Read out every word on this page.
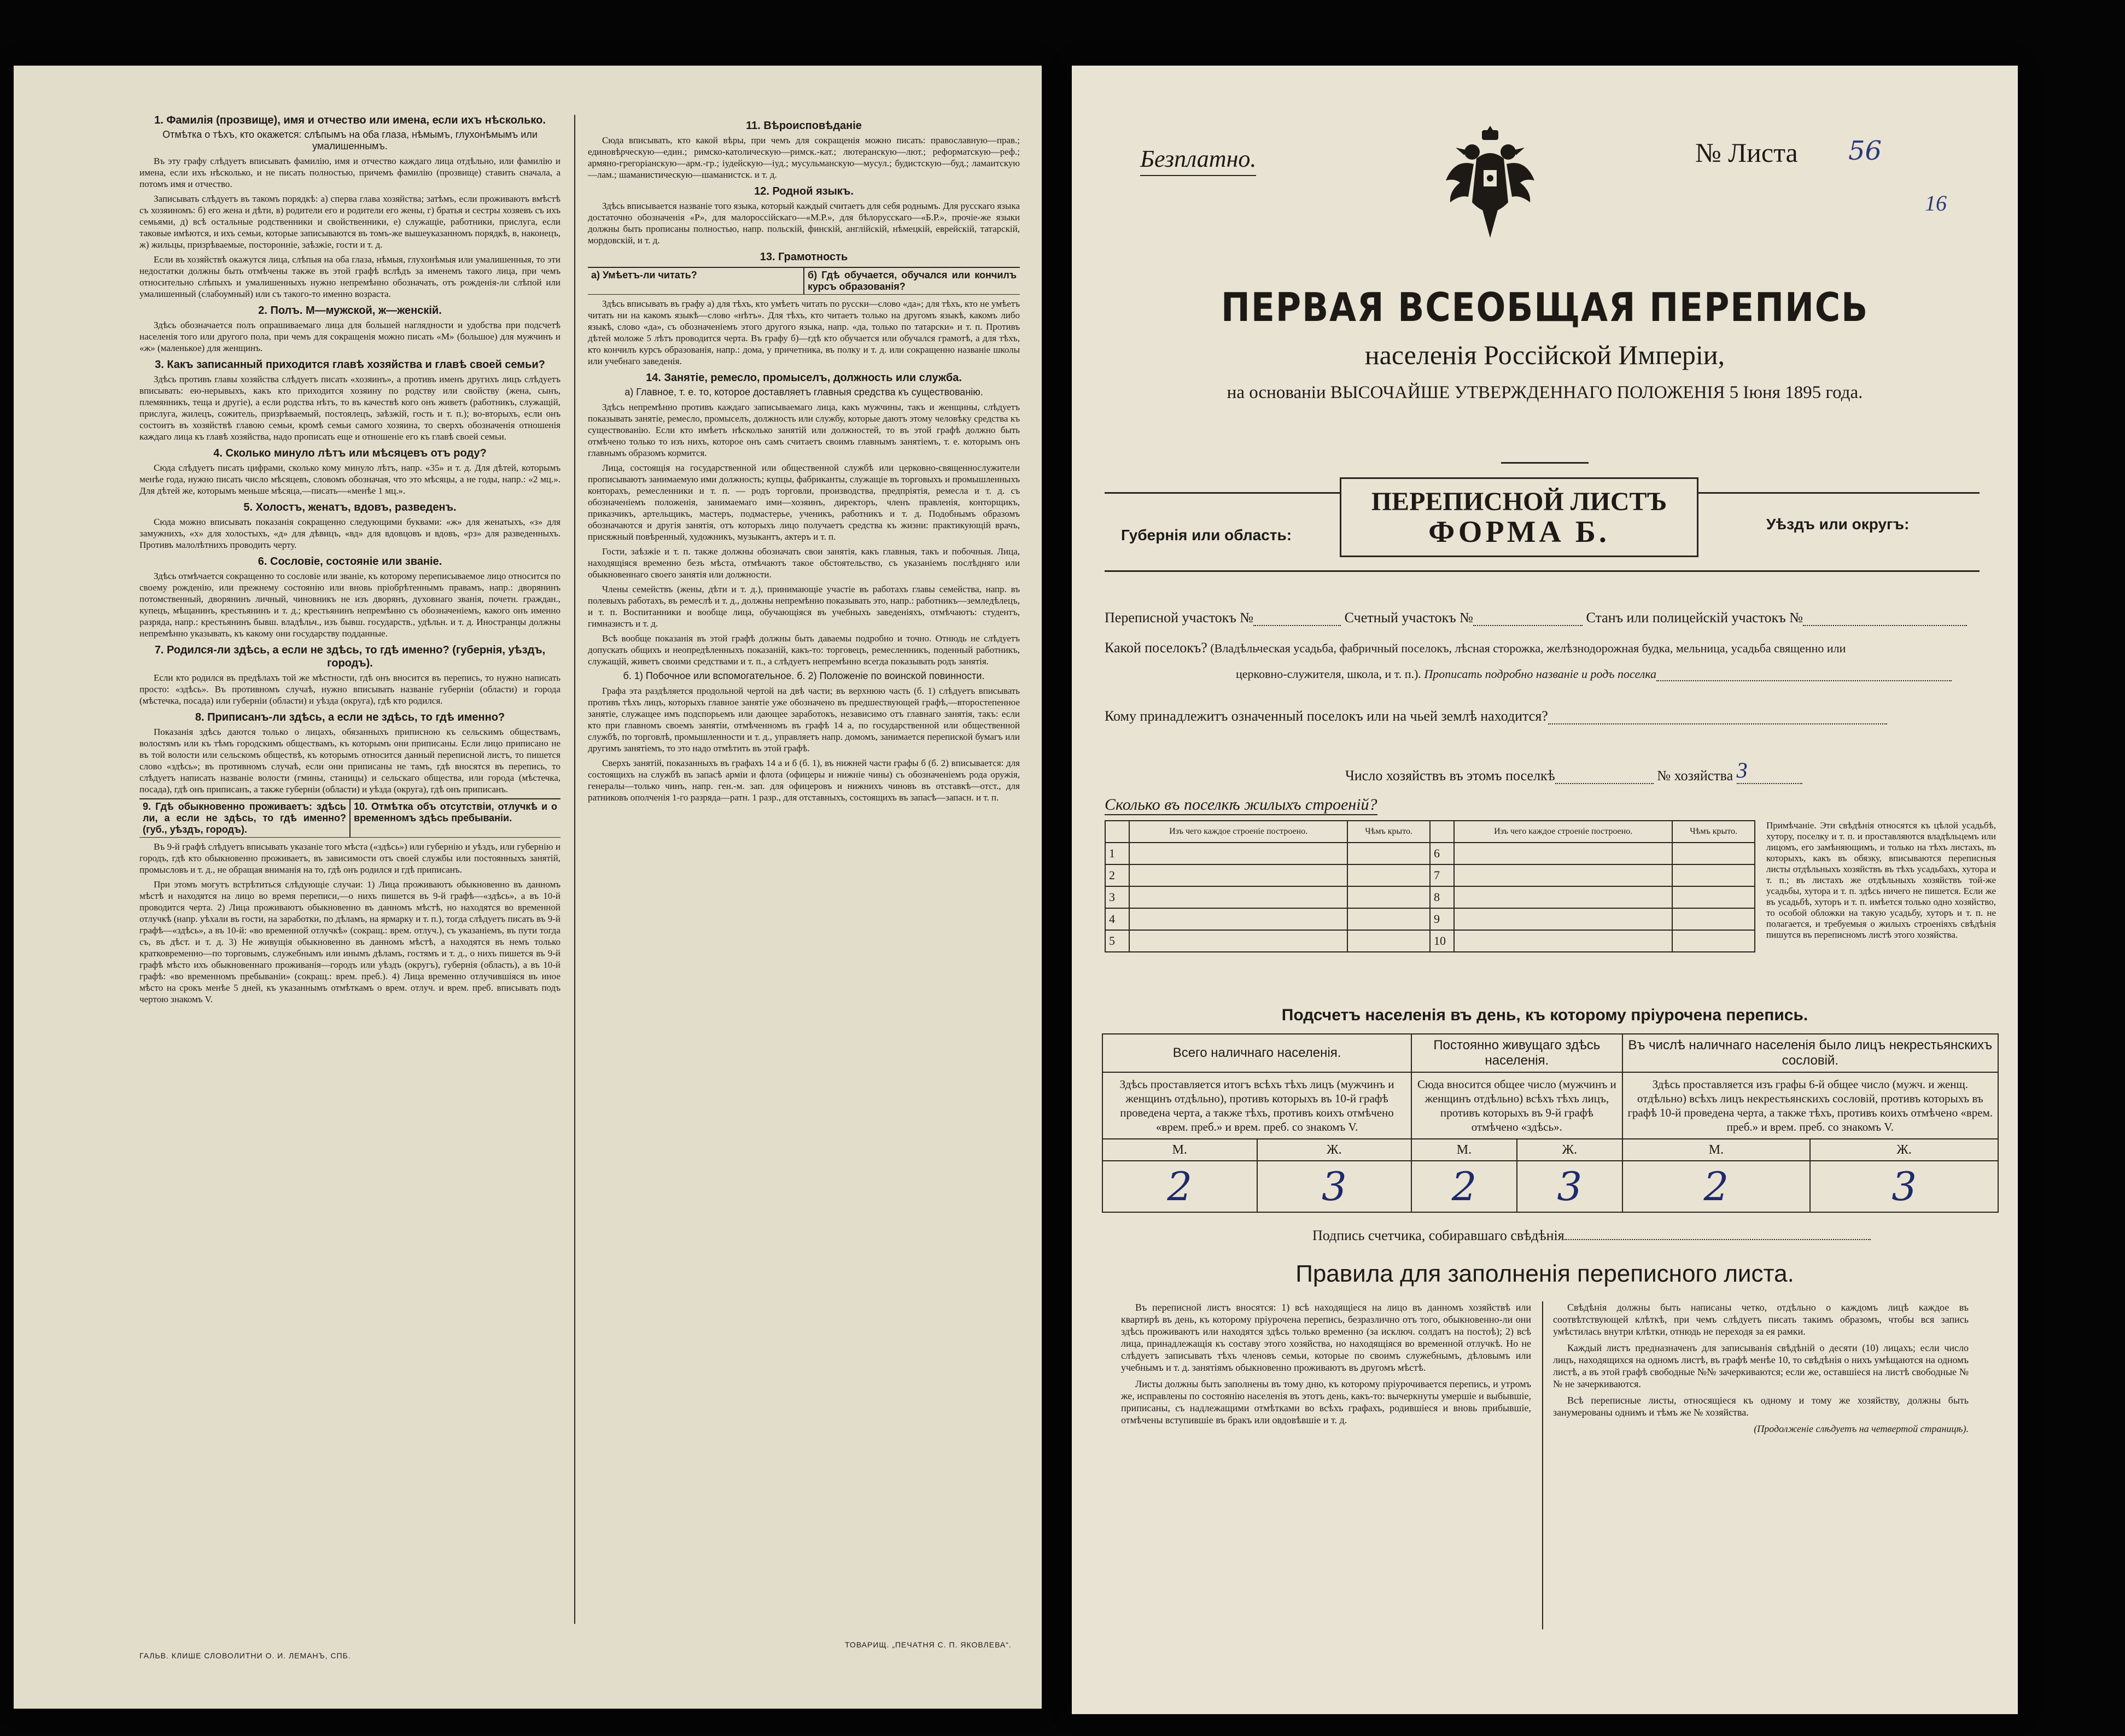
1. Фамилія (прозвище), имя и отчество или имена, если ихъ нѣсколько.
Отмѣтка о тѣхъ, кто окажется: слѣпымъ на оба глаза, нѣмымъ, глухонѣмымъ или умалишеннымъ.

Въ эту графу слѣдуетъ вписывать фамилію, имя и отчество каждаго лица отдѣльно, или фамилію и имена, если ихъ нѣсколько, и не писать полностью, причемъ фамилію (прозвище) ставить сначала, а потомъ имя и отчество.

Записывать слѣдуетъ въ такомъ порядкѣ: а) сперва глава хозяйства; затѣмъ, если проживаютъ вмѣстѣ съ хозяиномъ: б) его жена и дѣти, в) родители его и родители его жены, г) братья и сестры хозяевъ съ ихъ семьями, д) всѣ остальные родственники и свойственники, е) служащіе, работники, прислуга, если таковые имѣются, и ихъ семьи, которые записываются въ томъ-же вышеуказанномъ порядкѣ, в, наконецъ, ж) жильцы, призрѣваемые, посторонніе, заѣзжіе, гости и т. д.

Если въ хозяйствѣ окажутся лица, слѣпыя на оба глаза, нѣмыя, глухонѣмыя или умалишенныя, то эти недостатки должны быть отмѣчены также въ этой графѣ вслѣдъ за именемъ такого лица, при чемъ относительно слѣпыхъ и умалишенныхъ нужно непремѣнно обозначать, отъ рожденія-ли слѣпой или умалишенный (слабоумный) или съ такого-то именно возраста.

2. Полъ. М—мужской, ж—женскій.

Здѣсь обозначается полъ опрашиваемаго лица для большей наглядности и удобства при подсчетѣ населенія того или другого пола, при чемъ для сокращенія можно писать «М» (большое) для мужчинъ и «ж» (маленькое) для женщинъ.

3. Какъ записанный приходится главѣ хозяйства и главѣ своей семьи?

Здѣсь противъ главы хозяйства слѣдуетъ писать «хозяинъ», а противъ именъ другихъ лицъ слѣдуетъ вписывать: ею-нерывыхъ, какъ кто приходится хозяину по родству или свойству (жена, сынъ, племянникъ, теща и другіе), а если родства нѣтъ, то въ качествѣ кого онъ живетъ (работникъ, служащій, прислуга, жилецъ, сожитель, призрѣваемый, постоялецъ, заѣзжій, гость и т. п.); во-вторыхъ, если онъ состоитъ въ хозяйствѣ главою семьи, кромѣ семьи самого хозяина, то сверхъ обозначенія отношенія каждаго лица къ главѣ хозяйства, надо прописать еще и отношеніе его къ главѣ своей семьи.

4. Сколько минуло лѣтъ или мѣсяцевъ отъ роду?

Сюда слѣдуетъ писать цифрами, сколько кому минуло лѣтъ, напр. «35» и т. д. Для дѣтей, которымъ менѣе года, нужно писать число мѣсяцевъ, словомъ обозначая, что это мѣсяцы, а не годы, напр.: «2 мц.». Для дѣтей же, которымъ меньше мѣсяца,—писать—«менѣе 1 мц.».

5. Холостъ, женатъ, вдовъ, разведенъ.

Сюда можно вписывать показанія сокращенно следующими буквами: «ж» для женатыхъ, «з» для замужнихъ, «х» для холостыхъ, «д» для дѣвицъ, «вд» для вдовцовъ и вдовъ, «рз» для разведенныхъ. Противъ малолѣтнихъ проводить черту.

6. Сословіе, состояніе или званіе.

Здѣсь отмѣчается сокращенно то сословіе или званіе, къ которому переписываемое лицо относится по своему рожденію, или прежнему состоянію или вновь пріобрѣтеннымъ правамъ, напр.: дворянинъ потомственный, дворянинъ личный, чиновникъ не изъ дворянъ, духовнаго званія, почетн. граждан., купецъ, мѣщанинъ, крестьянинъ и т. д.; крестьянинъ непремѣнно съ обозначеніемъ, какого онъ именно разряда, напр.: крестьянинъ бывш. владѣльч., изъ бывш. государств., удѣльн. и т. д. Иностранцы должны непремѣнно указывать, къ какому они государству подданные.

7. Родился-ли здѣсь, а если не здѣсь, то гдѣ именно? (губернія, уѣздъ, городъ).

Если кто родился въ предѣлахъ той же мѣстности, гдѣ онъ вносится въ перепись, то нужно написать просто: «здѣсь». Въ противномъ случаѣ, нужно вписывать названіе губерніи (области) и города (мѣстечка, посада) или губерніи (области) и уѣзда (округа), гдѣ кто родился.

8. Приписанъ-ли здѣсь, а если не здѣсь, то гдѣ именно?

Показанія здѣсь даются только о лицахъ, обязанныхъ приписною къ сельскимъ обществамъ, волостямъ или къ тѣмъ городскимъ обществамъ, къ которымъ они приписаны. Если лицо приписано не въ той волости или сельскомъ обществѣ, къ которымъ относится данный переписной листъ, то пишется слово «здѣсь»; въ противномъ случаѣ, если они приписаны не тамъ, гдѣ вносятся въ перепись, то слѣдуетъ написать названіе волости (гмины, станицы) и сельскаго общества, или города (мѣстечка, посада), гдѣ онъ приписанъ, а также губерніи (области) и уѣзда (округа), гдѣ онъ приписанъ.

9. Гдѣ обыкновенно проживаетъ: здѣсь ли, а если не здѣсь, то гдѣ именно? (губ., уѣздъ, городъ).
10. Отмѣтка объ отсутствіи, отлучкѣ и о временномъ здѣсь пребываніи.

Въ 9-й графѣ слѣдуетъ вписывать указаніе того мѣста («здѣсь») или губернію и уѣздъ, или губернію и городъ, гдѣ кто обыкновенно проживаетъ, въ зависимости отъ своей службы или постоянныхъ занятій, промысловъ и т. д., не обращая вниманія на то, гдѣ онъ родился и гдѣ приписанъ.

При этомъ могутъ встрѣтиться слѣдующіе случаи: 1) Лица проживаютъ обыкновенно въ данномъ мѣстѣ и находятся на лицо во время переписи,—о нихъ пишется въ 9-й графѣ—«здѣсь», а въ 10-й проводится черта. 2) Лица проживаютъ обыкновенно въ данномъ мѣстѣ, но находятся во временной отлучкѣ (напр. уѣхали въ гости, на заработки, по дѣламъ, на ярмарку и т. п.), тогда слѣдуетъ писать въ 9-й графѣ—«здѣсь», а въ 10-й: «во временной отлучкѣ» (сокращ.: врем. отлуч.), съ указаніемъ, въ пути тогда съ, въ дѣст. и т. д. 3) Не живущія обыкновенно въ данномъ мѣстѣ, а находятся въ немъ только кратковременно—по торговымъ, служебнымъ или инымъ дѣламъ, гостямъ и т. д., о нихъ пишется въ 9-й графѣ мѣсто ихъ обыкновеннаго проживанія—городъ или уѣздъ (округъ), губернія (область), а въ 10-й графѣ: «во временномъ пребываніи» (сокращ.: врем. преб.). 4) Лица временно отлучившіяся въ иное мѣсто на срокъ менѣе 5 дней, къ указаннымъ отмѣткамъ о врем. отлуч. и врем. преб. вписывать подъ чертою знакомъ V.

11. Вѣроисповѣданіе

Сюда вписывать, кто какой вѣры, при чемъ для сокращенія можно писать: православную—прав.; единовѣрческую—един.; римско-католическую—римск.-кат.; лютеранскую—лют.; реформатскую—реф.; армяно-грегоріанскую—арм.-гр.; іудейскую—іуд.; мусульманскую—мусул.; будистскую—буд.; ламаитскую—лам.; шаманистическую—шаманистск. и т. д.

12. Родной языкъ.

Здѣсь вписывается названіе того языка, который каждый считаетъ для себя роднымъ. Для русскаго языка достаточно обозначенія «Р», для малороссійскаго—«М.Р.», для бѣлорусскаго—«Б.Р.», прочіе-же языки должны быть прописаны полностью, напр. польскій, финскій, англійскій, нѣмецкій, еврейскій, татарскій, мордовскій, и т. д.

13. Грамотность
а) Умѣетъ-ли читать?	б) Гдѣ обучается, обучался или кончилъ курсъ образованія?

Здѣсь вписывать въ графу а) для тѣхъ, кто умѣетъ читать по русски—слово «да»; для тѣхъ, кто не умѣетъ читать ни на какомъ языкѣ—слово «нѣтъ». Для тѣхъ, кто читаетъ только на другомъ языкѣ, какомъ либо языкѣ, слово «да», съ обозначеніемъ этого другого языка, напр. «да, только по татарски» и т. п. Противъ дѣтей моложе 5 лѣтъ проводится черта. Въ графу б)—гдѣ кто обучается или обучался грамотѣ, а для тѣхъ, кто кончилъ курсъ образованія, напр.: дома, у причетника, въ полку и т. д. или сокращенно названіе школы или учебнаго заведенія.

14. Занятіе, ремесло, промыселъ, должность или служба.
а) Главное, т. е. то, которое доставляетъ главныя средства къ существованію.

Здѣсь непремѣнно противъ каждаго записываемаго лица, какъ мужчины, такъ и женщины, слѣдуетъ показывать занятіе, ремесло, промыселъ, должность или службу, которые даютъ этому человѣку средства къ существованію. Если кто имѣетъ нѣсколько занятій или должностей, то въ этой графѣ должно быть отмѣчено только то изъ нихъ, которое онъ самъ считаетъ своимъ главнымъ занятіемъ, т. е. которымъ онъ главнымъ образомъ кормится.

Лица, состоящія на государственной или общественной службѣ или церковно-священнослужители прописываютъ занимаемую ими должность; купцы, фабриканты, служащіе въ торговыхъ и промышленныхъ конторахъ, ремесленники и т. п. — родъ торговли, производства, предпріятія, ремесла и т. д. съ обозначеніемъ положенія, занимаемаго ими—хозяинъ, директоръ, членъ правленія, конторщикъ, приказчикъ, артельщикъ, мастеръ, подмастерье, ученикъ, работникъ и т. д. Подобнымъ образомъ обозначаются и другія занятія, отъ которыхъ лицо получаетъ средства къ жизни: практикующій врачъ, присяжный повѣренный, художникъ, музыкантъ, актеръ и т. п.

Гости, заѣзжіе и т. п. также должны обозначать свои занятія, какъ главныя, такъ и побочныя. Лица, находящіяся временно безъ мѣста, отмѣчаютъ такое обстоятельство, съ указаніемъ послѣдняго или обыкновеннаго своего занятія или должности.

Члены семействъ (жены, дѣти и т. д.), принимающіе участіе въ работахъ главы семейства, напр. въ полевыхъ работахъ, въ ремеслѣ и т. д., должны непремѣнно показывать это, напр.: работникъ—земледѣлецъ, и т. п. Воспитанники и вообще лица, обучающіяся въ учебныхъ заведеніяхъ, отмѣчаютъ: студентъ, гимназистъ и т. д.

Всѣ вообще показанія въ этой графѣ должны быть даваемы подробно и точно. Отнюдь не слѣдуетъ допускать общихъ и неопредѣленныхъ показаній, какъ-то: торговецъ, ремесленникъ, поденный работникъ, служащій, живетъ своими средствами и т. п., а слѣдуетъ непремѣнно всегда показывать родъ занятія.

б. 1) Побочное или вспомогательное. б. 2) Положеніе по воинской повинности.

Графа эта раздѣляется продольной чертой на двѣ части; въ верхнюю часть (б. 1) слѣдуетъ вписывать противъ тѣхъ лицъ, которыхъ главное занятіе уже обозначено въ предшествующей графѣ,—второстепенное занятіе, служащее имъ подспорьемъ или дающее заработокъ, независимо отъ главнаго занятія, такъ: если кто при главномъ своемъ занятіи, отмѣченномъ въ графѣ 14 а, по государственной или общественной службѣ, по торговлѣ, промышленности и т. д., управляетъ напр. домомъ, занимается перепиской бумагъ или другимъ занятіемъ, то это надо отмѣтить въ этой графѣ.

Сверхъ занятій, показанныхъ въ графахъ 14 а и б (б. 1), въ нижней части графы б (б. 2) вписывается: для состоящихъ на службѣ въ запасѣ арміи и флота (офицеры и нижніе чины) съ обозначеніемъ рода оружія, генералы—только чинъ, напр. ген.-м. зап. для офицеровъ и нижнихъ чиновъ въ отставкѣ—отст., для ратниковъ ополченія 1-го разряда—ратн. 1 разр., для отставныхъ, состоящихъ въ запасѣ—запасн. и т. п.

ГАЛЬВ. КЛИШЕ СЛОВОЛИТНИ О. И. ЛЕМАНЪ, СПБ.
ТОВАРИЩ. „ПЕЧАТНЯ С. П. ЯКОВЛЕВА“.
Безплатно.	№ Листа 56
16
ПЕРВАЯ ВСЕОБЩАЯ ПЕРЕПИСЬ
населенія Россійской Имперіи,
на основаніи ВЫСОЧАЙШЕ УТВЕРЖДЕННАГО ПОЛОЖЕНІЯ 5 Іюня 1895 года.
Губернія или область:
ПЕРЕПИСНОЙ ЛИСТЪ
ФОРМА Б.	Уѣздъ или округъ:
Переписной участокъ №	Счетный участокъ №	Станъ или полицейскій участокъ №
Какой поселокъ? (Владѣльческая усадьба, фабричный поселокъ, лѣсная сторожка, желѣзнодорожная будка, мельница, усадьба священно или
церковно-служителя, школа, и т. п.). Прописать подробно названіе и родъ поселка
Кому принадлежитъ означенный поселокъ или на чьей землѣ находится?
Число хозяйствъ въ этомъ поселкѣ	№ хозяйства 3
Сколько въ поселкѣ жилыхъ строеній?
	Изъ чего каждое строеніе построено.	Чѣмъ крыто.		Изъ чего каждое строеніе построено.	Чѣмъ крыто.
1			6		
2			7		
3			8		
4			9		
5			10		
Примѣчаніе. Эти свѣдѣнія относятся къ цѣлой усадьбѣ, хутору, поселку и т. п. и проставляются владѣльцемъ или лицомъ, его замѣняющимъ, и только на тѣхъ листахъ, въ которыхъ, какъ въ обязку, вписываются переписныя листы отдѣльныхъ хозяйствъ въ тѣхъ усадьбахъ, хутора и т. п.; въ листахъ же отдѣльныхъ хозяйствъ той-же усадьбы, хутора и т. п. здѣсь ничего не пишется. Если же въ усадьбѣ, хуторъ и т. п. имѣется только одно хозяйство, то особой обложки на такую усадьбу, хуторъ и т. п. не полагается, и требуемыя о жилыхъ строеніяхъ свѣдѣнія пишутся въ переписномъ листѣ этого хозяйства.
Подсчетъ населенія въ день, къ которому пріурочена перепись.
Всего наличнаго населенія.		Постоянно живущаго здѣсь населенія.		Въ числѣ наличнаго населенія было лицъ некрестьянскихъ сословій.	
Здѣсь проставляется итогъ всѣхъ тѣхъ лицъ (мужчинъ и женщинъ отдѣльно), противъ которыхъ въ 10-й графѣ проведена черта, а также тѣхъ, противъ коихъ отмѣчено «врем. преб.» и врем. преб. со знакомъ V.		Сюда вносится общее число (мужчинъ и женщинъ отдѣльно) всѣхъ тѣхъ лицъ, противъ которыхъ въ 9-й графѣ отмѣчено «здѣсь».		Здѣсь проставляется изъ графы 6-й общее число (мужч. и женщ. отдѣльно) всѣхъ лицъ некрестьянскихъ сословій, противъ которыхъ въ графѣ 10-й проведена черта, а также тѣхъ, противъ коихъ отмѣчено «врем. преб.» и врем. преб. со знакомъ V.	
М.	Ж.	М.	Ж.	М.	Ж.
2	3	2	3	2	3
Подпись счетчика, собиравшаго свѣдѣнія
Правила для заполненія переписного листа.

Въ переписной листъ вносятся: 1) всѣ находящіеся на лицо въ данномъ хозяйствѣ или квартирѣ въ день, къ которому пріурочена перепись, безразлично отъ того, обыкновенно-ли они здѣсь проживаютъ или находятся здѣсь только временно (за исключ. солдатъ на постоѣ); 2) всѣ лица, принадлежащія къ составу этого хозяйства, но находящіяся во временной отлучкѣ. Но не слѣдуетъ записывать тѣхъ членовъ семьи, которые по своимъ служебнымъ, дѣловымъ или учебнымъ и т. д. занятіямъ обыкновенно проживаютъ въ другомъ мѣстѣ.

Листы должны быть заполнены въ тому дню, къ которому пріурочивается перепись, и утромъ же, исправлены по состоянію населенія въ этотъ день, какъ-то: вычеркнуты умершіе и выбывшіе, приписаны, съ надлежащими отмѣтками во всѣхъ графахъ, родившіеся и вновь прибывшіе, отмѣчены вступившіе въ бракъ или овдовѣвшіе и т. д.

Свѣдѣнія должны быть написаны четко, отдѣльно о каждомъ лицѣ каждое въ соотвѣтствующей клѣткѣ, при чемъ слѣдуетъ писать такимъ образомъ, чтобы вся запись умѣстилась внутри клѣтки, отнюдь не переходя за ея рамки.

Каждый листъ предназначенъ для записыванія свѣдѣній о десяти (10) лицахъ; если число лицъ, находящихся на одномъ листѣ, въ графѣ менѣе 10, то свѣдѣнія о нихъ умѣщаются на одномъ листѣ, а въ этой графѣ свободные №№ зачеркиваются; если же, оставшіеся на листѣ свободные №№ не зачеркиваются.

Всѣ переписные листы, относящіеся къ одному и тому же хозяйству, должны быть занумерованы однимъ и тѣмъ же № хозяйства.

(Продолженіе слѣдуетъ на четвертой страницѣ).
